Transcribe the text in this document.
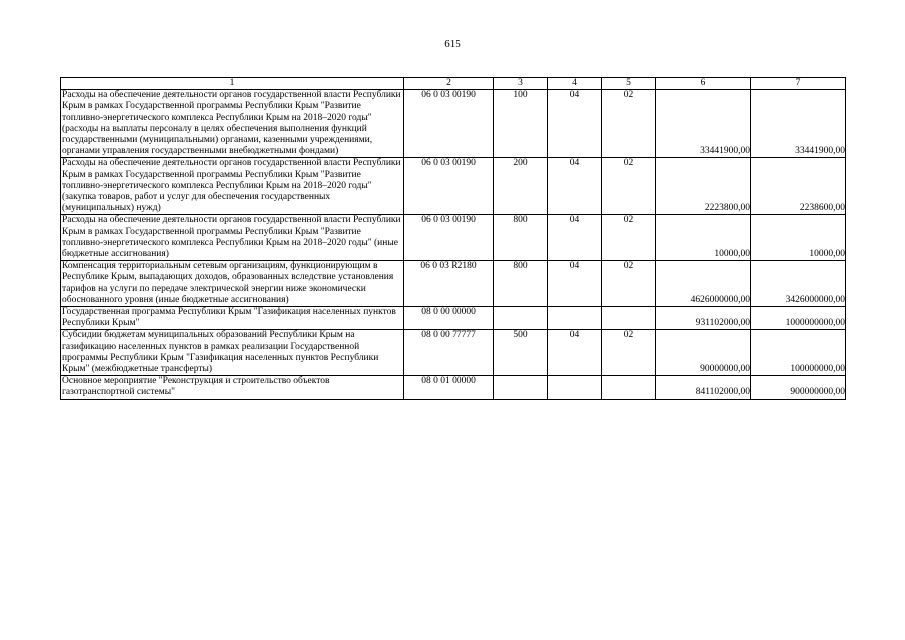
615
1	2	3	4	5	6	7
Расходы на обеспечение деятельности органов государственной власти Республики Крым в рамках Государственной программы Республики Крым "Развитие топливно-энергетического комплекса Республики Крым на 2018–2020 годы" (расходы на выплаты персоналу в целях обеспечения выполнения функций государственными (муниципальными) органами, казенными учреждениями, органами управления государственными внебюджетными фондами)	06 0 03 00190	100	04	02	33441900,00	33441900,00
Расходы на обеспечение деятельности органов государственной власти Республики Крым в рамках Государственной программы Республики Крым "Развитие топливно-энергетического комплекса Республики Крым на 2018–2020 годы" (закупка товаров, работ и услуг для обеспечения государственных (муниципальных) нужд)	06 0 03 00190	200	04	02	2223800,00	2238600,00
Расходы на обеспечение деятельности органов государственной власти Республики Крым в рамках Государственной программы Республики Крым "Развитие топливно-энергетического комплекса Республики Крым на 2018–2020 годы" (иные бюджетные ассигнования)	06 0 03 00190	800	04	02	10000,00	10000,00
Компенсация территориальным сетевым организациям, функционирующим в Республике Крым, выпадающих доходов, образованных вследствие установления тарифов на услуги по передаче электрической энергии ниже экономически обоснованного уровня (иные бюджетные ассигнования)	06 0 03 R2180	800	04	02	4626000000,00	3426000000,00
Государственная программа Республики Крым "Газификация населенных пунктов Республики Крым"	08 0 00 00000				931102000,00	1000000000,00
Субсидии бюджетам муниципальных образований Республики Крым на газификацию населенных пунктов в рамках реализации Государственной программы Республики Крым "Газификация населенных пунктов Республики Крым" (межбюджетные трансферты)	08 0 00 77777	500	04	02	90000000,00	100000000,00
Основное мероприятие "Реконструкция и строительство объектов газотранспортной системы"	08 0 01 00000				841102000,00	900000000,00
